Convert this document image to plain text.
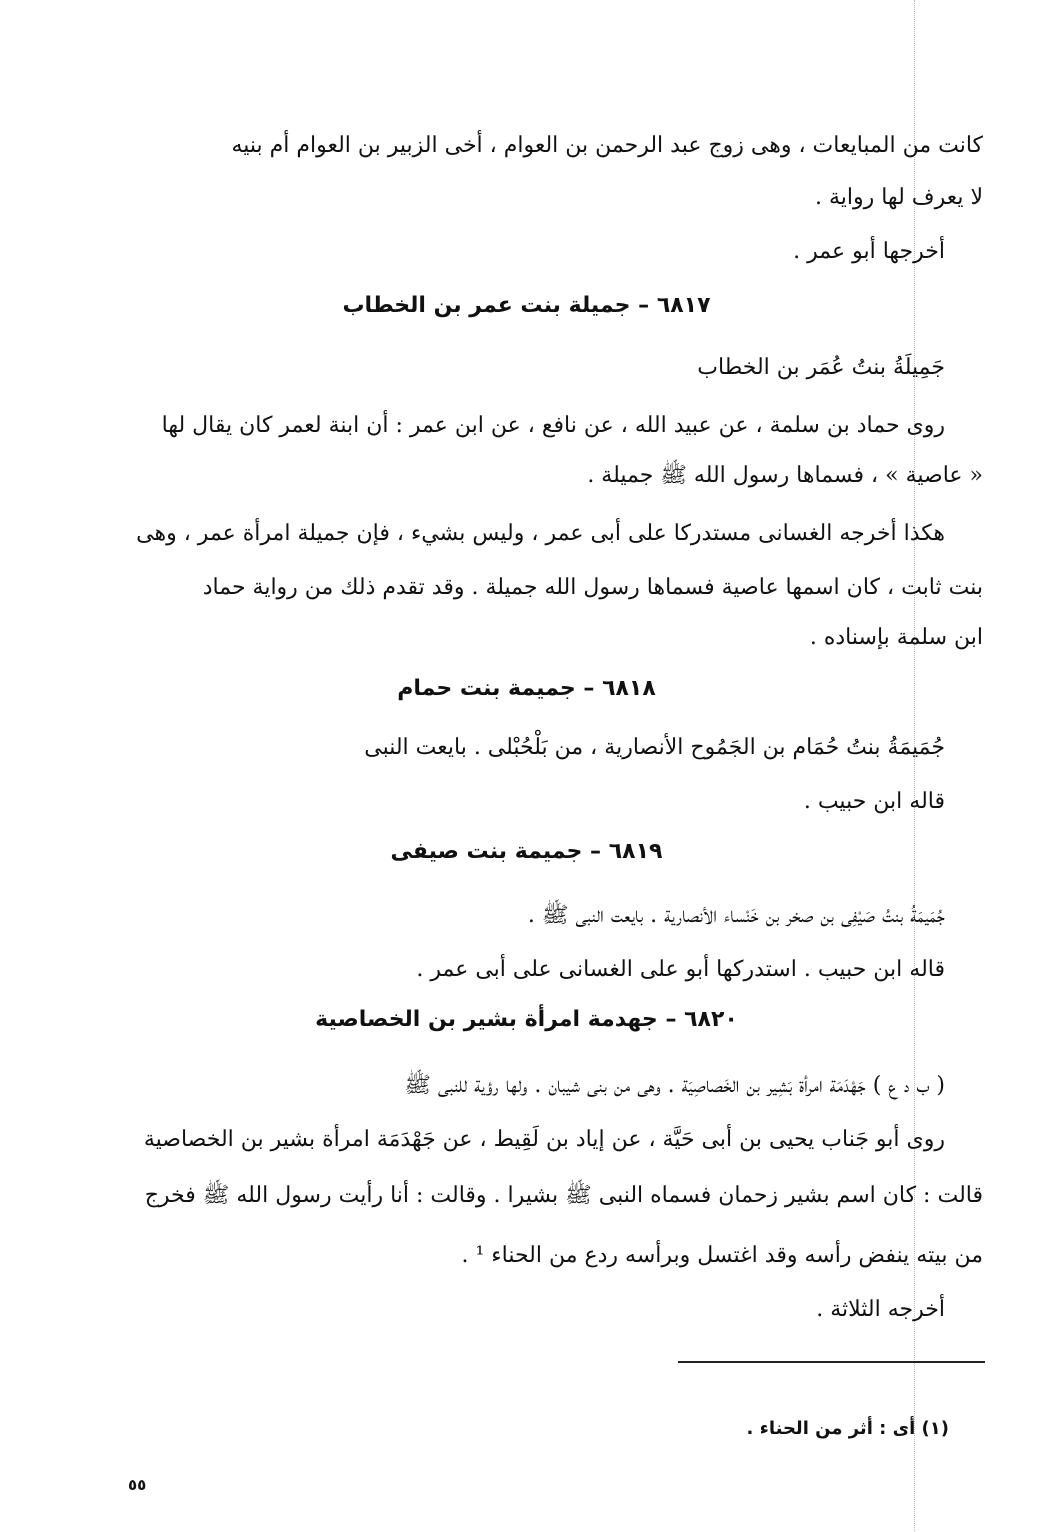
كانت من المبايعات ، وهى زوج عبد الرحمن بن العوام ، أخى الزبير بن العوام أم بنيه
لا يعرف لها رواية .
أخرجها أبو عمر .
٦٨١٧ – جميلة بنت عمر بن الخطاب
جَمِيلَةُ بنتُ عُمَر بن الخطاب
روى حماد بن سلمة ، عن عبيد الله ، عن نافع ، عن ابن عمر : أن ابنة لعمر كان يقال لها
« عاصية » ، فسماها رسول الله ﷺ جميلة .
هكذا أخرجه الغسانى مستدركا على أبى عمر ، وليس بشيء ، فإن جميلة امرأة عمر ، وهى
بنت ثابت ، كان اسمها عاصية فسماها رسول الله جميلة . وقد تقدم ذلك من رواية حماد
ابن سلمة بإسناده .
٦٨١٨ – جميمة بنت حمام
جُمَيمَةُ بنتُ حُمَام بن الجَمُوح الأنصارية ، من بَلْحُبْلى . بايعت النبى
قاله ابن حبيب .
٦٨١٩ – جميمة بنت صيفى
جُمَيمَةُ بنتُ صَيْفِى بن صخر بن خَنْساء الأنصارية . بايعت النبى ﷺ .
قاله ابن حبيب . استدركها أبو على الغسانى على أبى عمر .
٦٨٢٠ – جهدمة امرأة بشير بن الخصاصية
( ب د ع ) جَهْدَمَة امرأة بَشِير بن الخَصاصِيَة . وهى من بنى شيبان . ولها رؤية للنبى ﷺ
روى أبو جَناب يحيى بن أبى حَيَّة ، عن إياد بن لَقِيط ، عن جَهْدَمَة امرأة بشير بن الخصاصية
قالت : كان اسم بشير زحمان فسماه النبى ﷺ بشيرا . وقالت : أنا رأيت رسول الله ﷺ فخرج
من بيته ينفض رأسه وقد اغتسل وبرأسه ردع من الحناء ¹ .
أخرجه الثلاثة .
(١) أى : أثر من الحناء .
٥٥
